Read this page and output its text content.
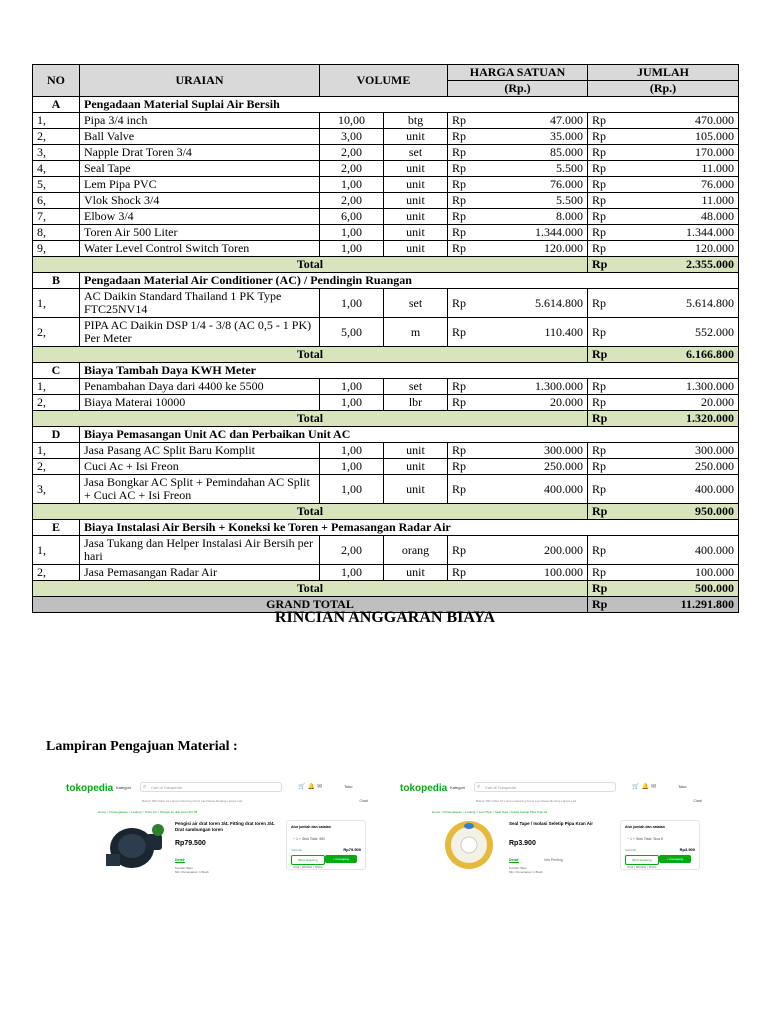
NO	URAIAN	VOLUME		HARGA SATUAN		JUMLAH	
				(Rp.)		(Rp.)	
A	Pengadaan Material Suplai Air Bersih						
1,	Pipa 3/4 inch	10,00	btg	Rp	47.000	Rp	470.000
2,	Ball Valve	3,00	unit	Rp	35.000	Rp	105.000
3,	Napple Drat Toren 3/4	2,00	set	Rp	85.000	Rp	170.000
4,	Seal Tape	2,00	unit	Rp	5.500	Rp	11.000
5,	Lem Pipa PVC	1,00	unit	Rp	76.000	Rp	76.000
6,	Vlok Shock 3/4	2,00	unit	Rp	5.500	Rp	11.000
7,	Elbow 3/4	6,00	unit	Rp	8.000	Rp	48.000
8,	Toren Air 500 Liter	1,00	unit	Rp	1.344.000	Rp	1.344.000
9,	Water Level Control Switch Toren	1,00	unit	Rp	120.000	Rp	120.000
Total						Rp	2.355.000
B	Pengadaan Material Air Conditioner (AC) / Pendingin Ruangan						
1,	AC Daikin Standard Thailand 1 PK Type FTC25NV14	1,00	set	Rp	5.614.800	Rp	5.614.800
2,	PIPA AC Daikin DSP 1/4 - 3/8 (AC 0,5 - 1 PK) Per Meter	5,00	m	Rp	110.400	Rp	552.000
Total						Rp	6.166.800
C	Biaya Tambah Daya KWH Meter						
1,	Penambahan Daya dari 4400 ke 5500	1,00	set	Rp	1.300.000	Rp	1.300.000
2,	Biaya Materai 10000	1,00	lbr	Rp	20.000	Rp	20.000
Total						Rp	1.320.000
D	Biaya Pemasangan Unit AC dan Perbaikan Unit AC						
1,	Jasa Pasang AC Split Baru Komplit	1,00	unit	Rp	300.000	Rp	300.000
2,	Cuci Ac + Isi Freon	1,00	unit	Rp	250.000	Rp	250.000
3,	Jasa Bongkar AC Split + Pemindahan AC Split + Cuci AC + Isi Freon	1,00	unit	Rp	400.000	Rp	400.000
Total						Rp	950.000
E	Biaya Instalasi Air Bersih + Koneksi ke Toren + Pemasangan Radar Air						
1,	Jasa Tukang dan Helper Instalasi Air Bersih per hari	2,00	orang	Rp	200.000	Rp	400.000
2,	Jasa Pemasangan Radar Air	1,00	unit	Rp	100.000	Rp	100.000
Total						Rp	500.000
GRAND TOTAL						Rp	11.291.800
RINCIAN ANGGARAN BIAYA
Lampiran Pengajuan Material :
tokopedia Kategori ⌕ Cari di Tokopedia	🛒🔔✉	Toko
Bubuk Tiffin Filter Air Lampu Gantung Kunci Laci Reset Routing Lampu Led	Ciawi
Home > Perlengkapan > Ledeng > Toren Air > Pengisi air drat toren 3/4 TB
Pengisi air drat toren 3/4. Fitting drat toren 3/4. Drat sambungan toren
Rp79.500
Detail
Kondisi: Baru
Min. Pemesanan: 1 Buah
Atur jumlah dan catatan
− 1 + Stok Total: 980
Subtotal	Rp79.500
Beli Langsung	+ Keranjang
Chat | Wishlist | Share
tokopedia Kategori ⌕ Cari di Tokopedia	🛒🔔✉	Toko
Bubuk Tiffin Filter Air Lampu Gantung Kunci Laci Reset Routing Lampu Led	Ciawi
Home > Perlengkapan > Ledeng > Lem Pipa > Seal Tape / Isolasi Seletip Pipa Kran Air
Seal Tape / Isolasi Seletip Pipa Kran Air
Rp3.900
Detail	Info Penting
Kondisi: Baru
Min. Pemesanan: 1 Buah
Atur jumlah dan catatan
− 1 + Stok Total: Sisa 8
Subtotal	Rp3.900
Beli Langsung	+ Keranjang
Chat | Wishlist | Share
